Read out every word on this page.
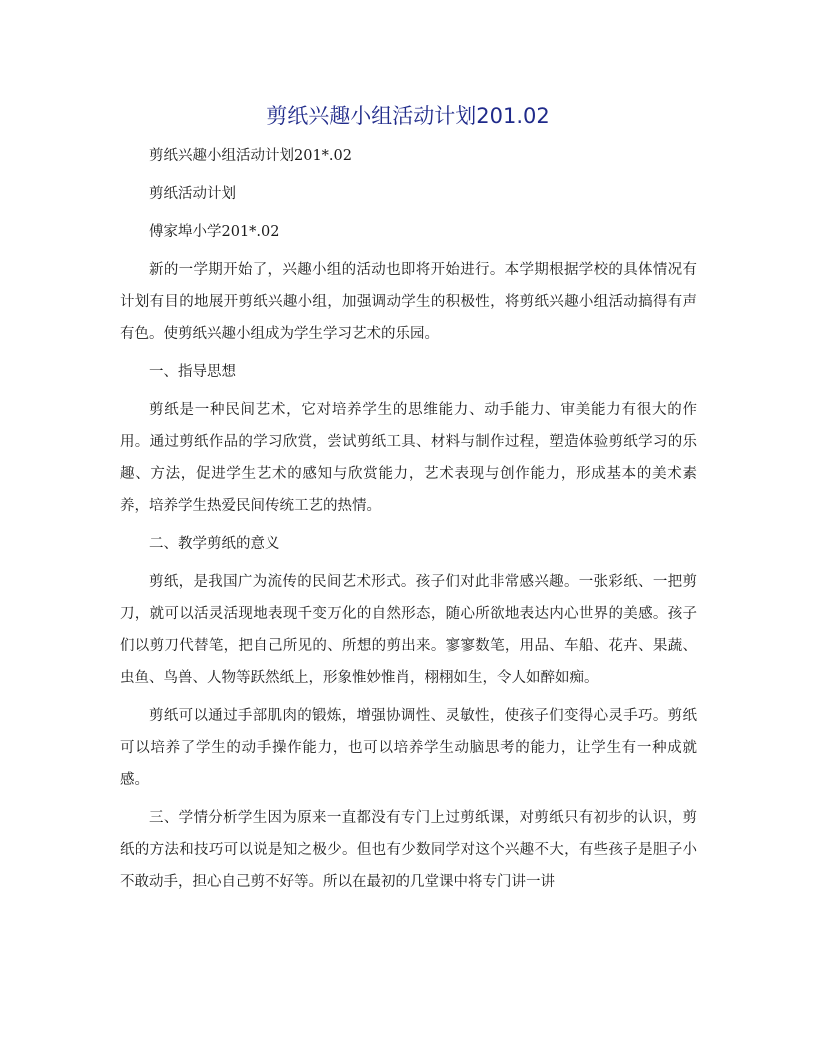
剪纸兴趣小组活动计划201.02

剪纸兴趣小组活动计划201*.02

剪纸活动计划

傅家埠小学201*.02

新的一学期开始了，兴趣小组的活动也即将开始进行。本学期根据学校的具体情况有计划有目的地展开剪纸兴趣小组，加强调动学生的积极性，将剪纸兴趣小组活动搞得有声有色。使剪纸兴趣小组成为学生学习艺术的乐园。

一、指导思想

剪纸是一种民间艺术，它对培养学生的思维能力、动手能力、审美能力有很大的作用。通过剪纸作品的学习欣赏，尝试剪纸工具、材料与制作过程，塑造体验剪纸学习的乐趣、方法，促进学生艺术的感知与欣赏能力，艺术表现与创作能力，形成基本的美术素养，培养学生热爱民间传统工艺的热情。

二、教学剪纸的意义

剪纸，是我国广为流传的民间艺术形式。孩子们对此非常感兴趣。一张彩纸、一把剪刀，就可以活灵活现地表现千变万化的自然形态，随心所欲地表达内心世界的美感。孩子们以剪刀代替笔，把自己所见的、所想的剪出来。寥寥数笔，用品、车船、花卉、果蔬、虫鱼、鸟兽、人物等跃然纸上，形象惟妙惟肖，栩栩如生，令人如醉如痴。

剪纸可以通过手部肌肉的锻炼，增强协调性、灵敏性，使孩子们变得心灵手巧。剪纸可以培养了学生的动手操作能力，也可以培养学生动脑思考的能力，让学生有一种成就感。

三、学情分析学生因为原来一直都没有专门上过剪纸课，对剪纸只有初步的认识，剪纸的方法和技巧可以说是知之极少。但也有少数同学对这个兴趣不大，有些孩子是胆子小不敢动手，担心自己剪不好等。所以在最初的几堂课中将专门讲一讲
